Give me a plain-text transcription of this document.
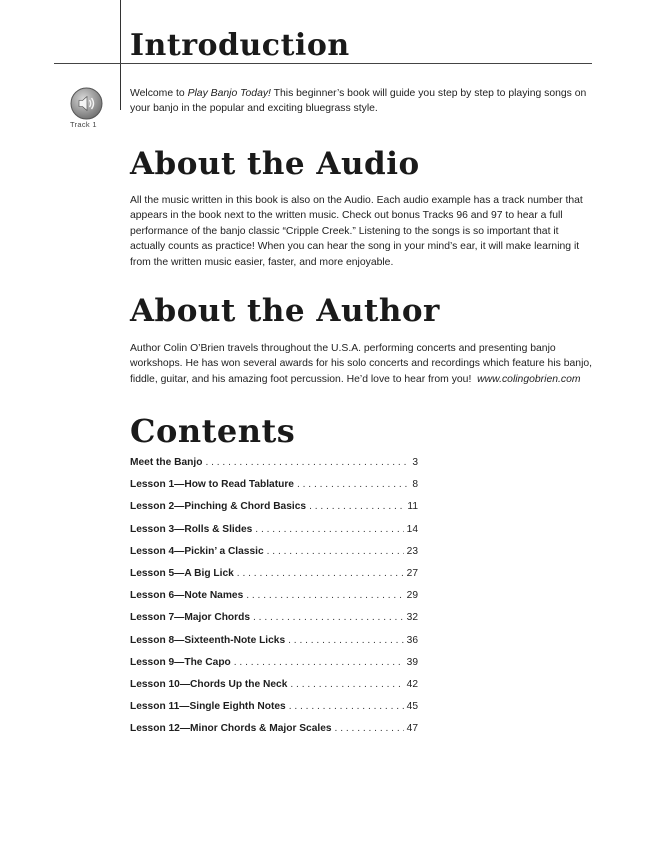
Introduction

Welcome to Play Banjo Today! This beginner’s book will guide you step by step to playing songs on your banjo in the popular and exciting bluegrass style.

Track 1
About the Audio

All the music written in this book is also on the Audio. Each audio example has a track number that appears in the book next to the written music. Check out bonus Tracks 96 and 97 to hear a full performance of the banjo classic “Cripple Creek.” Listening to the songs is so important that it actually counts as practice! When you can hear the song in your mind’s ear, it will make learning it from the written music easier, faster, and more enjoyable.

About the Author

Author Colin O’Brien travels throughout the U.S.A. performing concerts and presenting banjo workshops. He has won several awards for his solo concerts and recordings which feature his banjo, fiddle, guitar, and his amazing foot percussion. He’d love to hear from you! www.colingobrien.com

Contents
Meet the Banjo . . .	3
Lesson 1—How to Read Tablature . . .	8
Lesson 2—Pinching & Chord Basics . . .	11
Lesson 3—Rolls & Slides . . .	14
Lesson 4—Pickin’ a Classic . . .	23
Lesson 5—A Big Lick . . .	27
Lesson 6—Note Names . . .	29
Lesson 7—Major Chords . . .	32
Lesson 8—Sixteenth-Note Licks . . .	36
Lesson 9—The Capo . . .	39
Lesson 10—Chords Up the Neck . . .	42
Lesson 11—Single Eighth Notes . . .	45
Lesson 12—Minor Chords & Major Scales . . .	47
